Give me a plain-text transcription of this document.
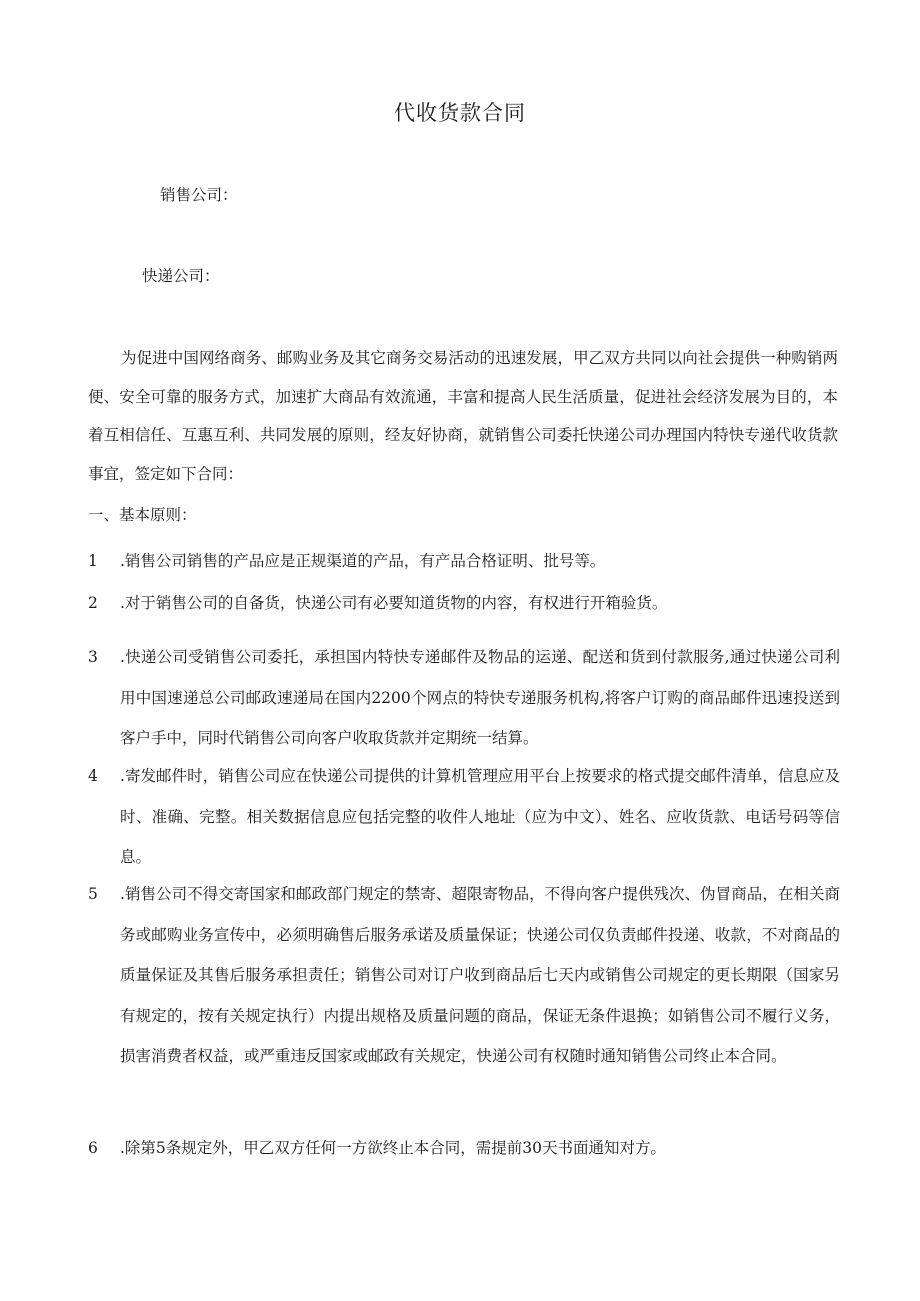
代收货款合同
销售公司：
快递公司：

为促进中国网络商务、邮购业务及其它商务交易活动的迅速发展，甲乙双方共同以向社会提供一种购销两便、安全可靠的服务方式，加速扩大商品有效流通，丰富和提高人民生活质量，促进社会经济发展为目的，本着互相信任、互惠互利、共同发展的原则，经友好协商，就销售公司委托快递公司办理国内特快专递代收货款事宜，签定如下合同：

一、基本原则：

1	.销售公司销售的产品应是正规渠道的产品，有产品合格证明、批号等。
2	.对于销售公司的自备货，快递公司有必要知道货物的内容，有权进行开箱验货。
3	.快递公司受销售公司委托，承担国内特快专递邮件及物品的运递、配送和货到付款服务,通过快递公司利用中国速递总公司邮政速递局在国内2200个网点的特快专递服务机构,将客户订购的商品邮件迅速投送到客户手中，同时代销售公司向客户收取货款并定期统一结算。
4	.寄发邮件时，销售公司应在快递公司提供的计算机管理应用平台上按要求的格式提交邮件清单，信息应及时、准确、完整。相关数据信息应包括完整的收件人地址（应为中文）、姓名、应收货款、电话号码等信息。
5	.销售公司不得交寄国家和邮政部门规定的禁寄、超限寄物品，不得向客户提供残次、伪冒商品，在相关商务或邮购业务宣传中，必须明确售后服务承诺及质量保证；快递公司仅负责邮件投递、收款，不对商品的质量保证及其售后服务承担责任；销售公司对订户收到商品后七天内或销售公司规定的更长期限（国家另有规定的，按有关规定执行）内提出规格及质量问题的商品，保证无条件退换；如销售公司不履行义务，损害消费者权益，或严重违反国家或邮政有关规定，快递公司有权随时通知销售公司终止本合同。
6	.除第5条规定外，甲乙双方任何一方欲终止本合同，需提前30天书面通知对方。
